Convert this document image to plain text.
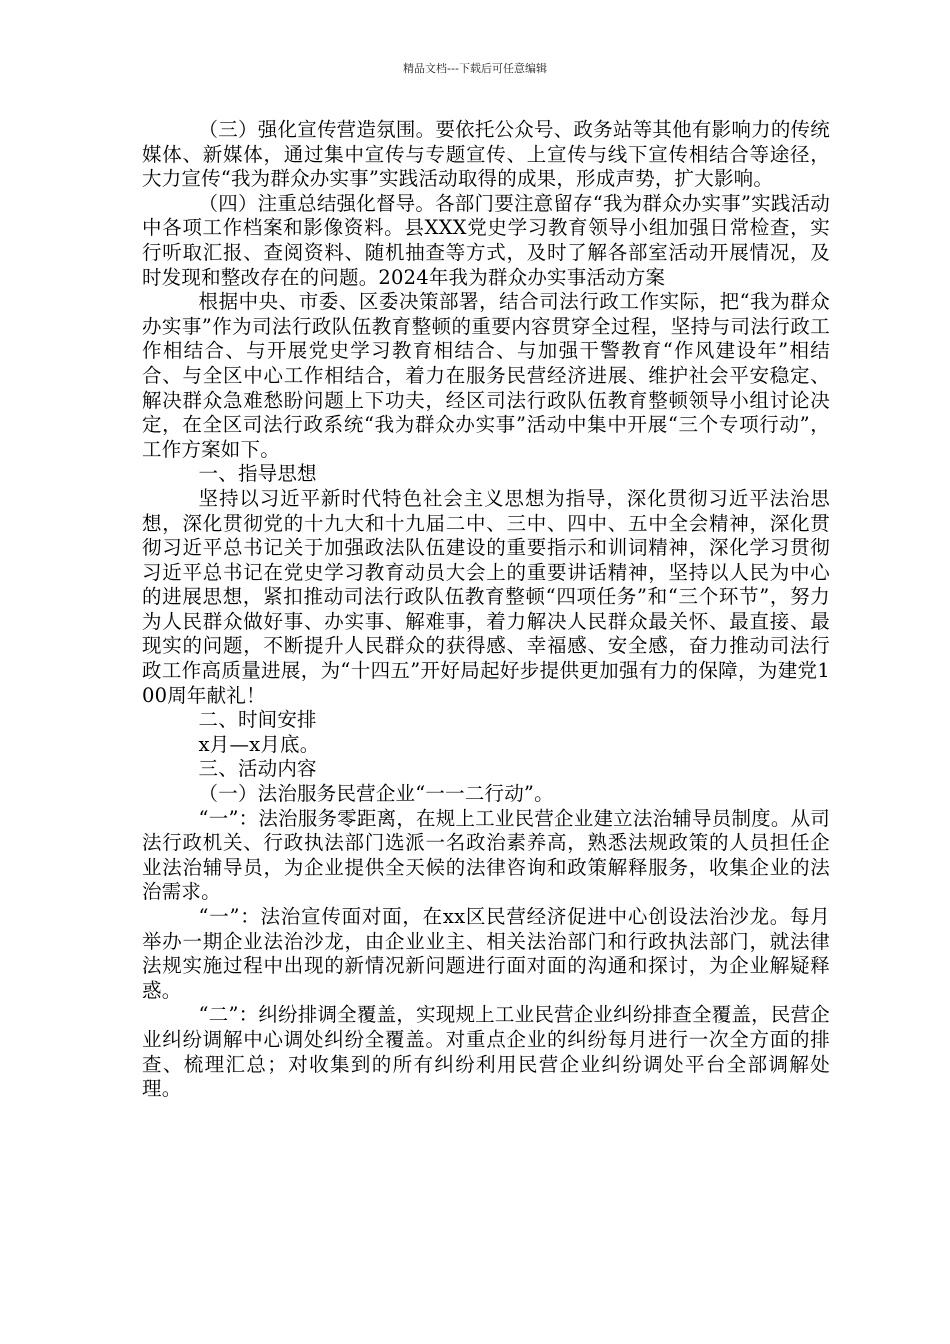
精品文档---下载后可任意编辑

（三）强化宣传营造氛围。要依托公众号、政务站等其他有影响力的传统媒体、新媒体，通过集中宣传与专题宣传、上宣传与线下宣传相结合等途径，大力宣传“我为群众办实事”实践活动取得的成果，形成声势，扩大影响。

（四）注重总结强化督导。各部门要注意留存“我为群众办实事”实践活动中各项工作档案和影像资料。县XXX党史学习教育领导小组加强日常检查，实行听取汇报、查阅资料、随机抽查等方式，及时了解各部室活动开展情况，及时发现和整改存在的问题。2024年我为群众办实事活动方案

根据中央、市委、区委决策部署，结合司法行政工作实际，把“我为群众办实事”作为司法行政队伍教育整顿的重要内容贯穿全过程，坚持与司法行政工作相结合、与开展党史学习教育相结合、与加强干警教育“作风建设年”相结合、与全区中心工作相结合，着力在服务民营经济进展、维护社会平安稳定、解决群众急难愁盼问题上下功夫，经区司法行政队伍教育整顿领导小组讨论决定，在全区司法行政系统“我为群众办实事”活动中集中开展“三个专项行动”，工作方案如下。

一、指导思想

坚持以习近平新时代特色社会主义思想为指导，深化贯彻习近平法治思想，深化贯彻党的十九大和十九届二中、三中、四中、五中全会精神，深化贯彻习近平总书记关于加强政法队伍建设的重要指示和训词精神，深化学习贯彻习近平总书记在党史学习教育动员大会上的重要讲话精神，坚持以人民为中心的进展思想，紧扣推动司法行政队伍教育整顿“四项任务”和“三个环节”，努力为人民群众做好事、办实事、解难事，着力解决人民群众最关怀、最直接、最现实的问题，不断提升人民群众的获得感、幸福感、安全感，奋力推动司法行政工作高质量进展，为“十四五”开好局起好步提供更加强有力的保障，为建党100周年献礼！

二、时间安排

x月—x月底。

三、活动内容

（一）法治服务民营企业“一一二行动”。

“一”：法治服务零距离，在规上工业民营企业建立法治辅导员制度。从司法行政机关、行政执法部门选派一名政治素养高，熟悉法规政策的人员担任企业法治辅导员，为企业提供全天候的法律咨询和政策解释服务，收集企业的法治需求。

“一”：法治宣传面对面，在xx区民营经济促进中心创设法治沙龙。每月举办一期企业法治沙龙，由企业业主、相关法治部门和行政执法部门，就法律法规实施过程中出现的新情况新问题进行面对面的沟通和探讨，为企业解疑释惑。

“二”：纠纷排调全覆盖，实现规上工业民营企业纠纷排查全覆盖，民营企业纠纷调解中心调处纠纷全覆盖。对重点企业的纠纷每月进行一次全方面的排查、梳理汇总；对收集到的所有纠纷利用民营企业纠纷调处平台全部调解处理。
